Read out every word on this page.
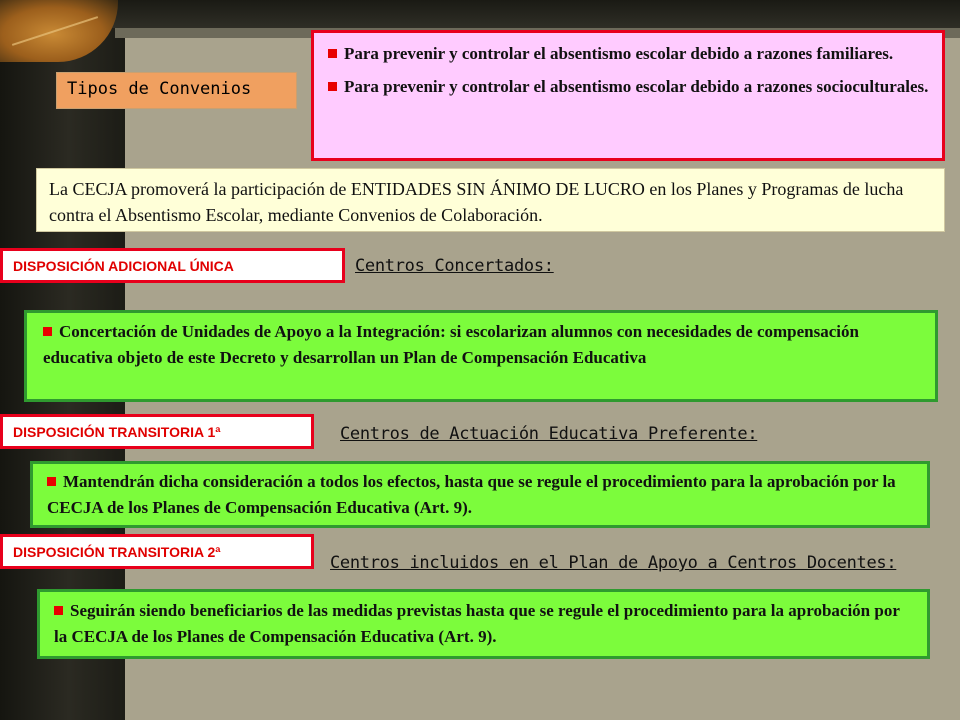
Tipos de Convenios

Para prevenir y controlar el absentismo escolar debido a razones familiares.

Para prevenir y controlar el absentismo escolar debido a razones socioculturales.

La CECJA promoverá la participación de ENTIDADES SIN ÁNIMO DE LUCRO en los Planes y Programas de lucha contra el Absentismo Escolar, mediante Convenios de Colaboración.
DISPOSICIÓN ADICIONAL ÚNICA	Centros Concertados:
Concertación de Unidades de Apoyo a la Integración: si escolarizan alumnos con necesidades de compensación educativa objeto de este Decreto y desarrollan un Plan de Compensación Educativa
DISPOSICIÓN TRANSITORIA 1ª	Centros de Actuación Educativa Preferente:
Mantendrán dicha consideración a todos los efectos, hasta que se regule el procedimiento para la aprobación por la CECJA de los Planes de Compensación Educativa (Art. 9).
DISPOSICIÓN TRANSITORIA 2ª
Centros incluidos en el Plan de Apoyo a Centros Docentes:
Seguirán siendo beneficiarios de las medidas previstas hasta que se regule el procedimiento para la aprobación por la CECJA de los Planes de Compensación Educativa (Art. 9).
